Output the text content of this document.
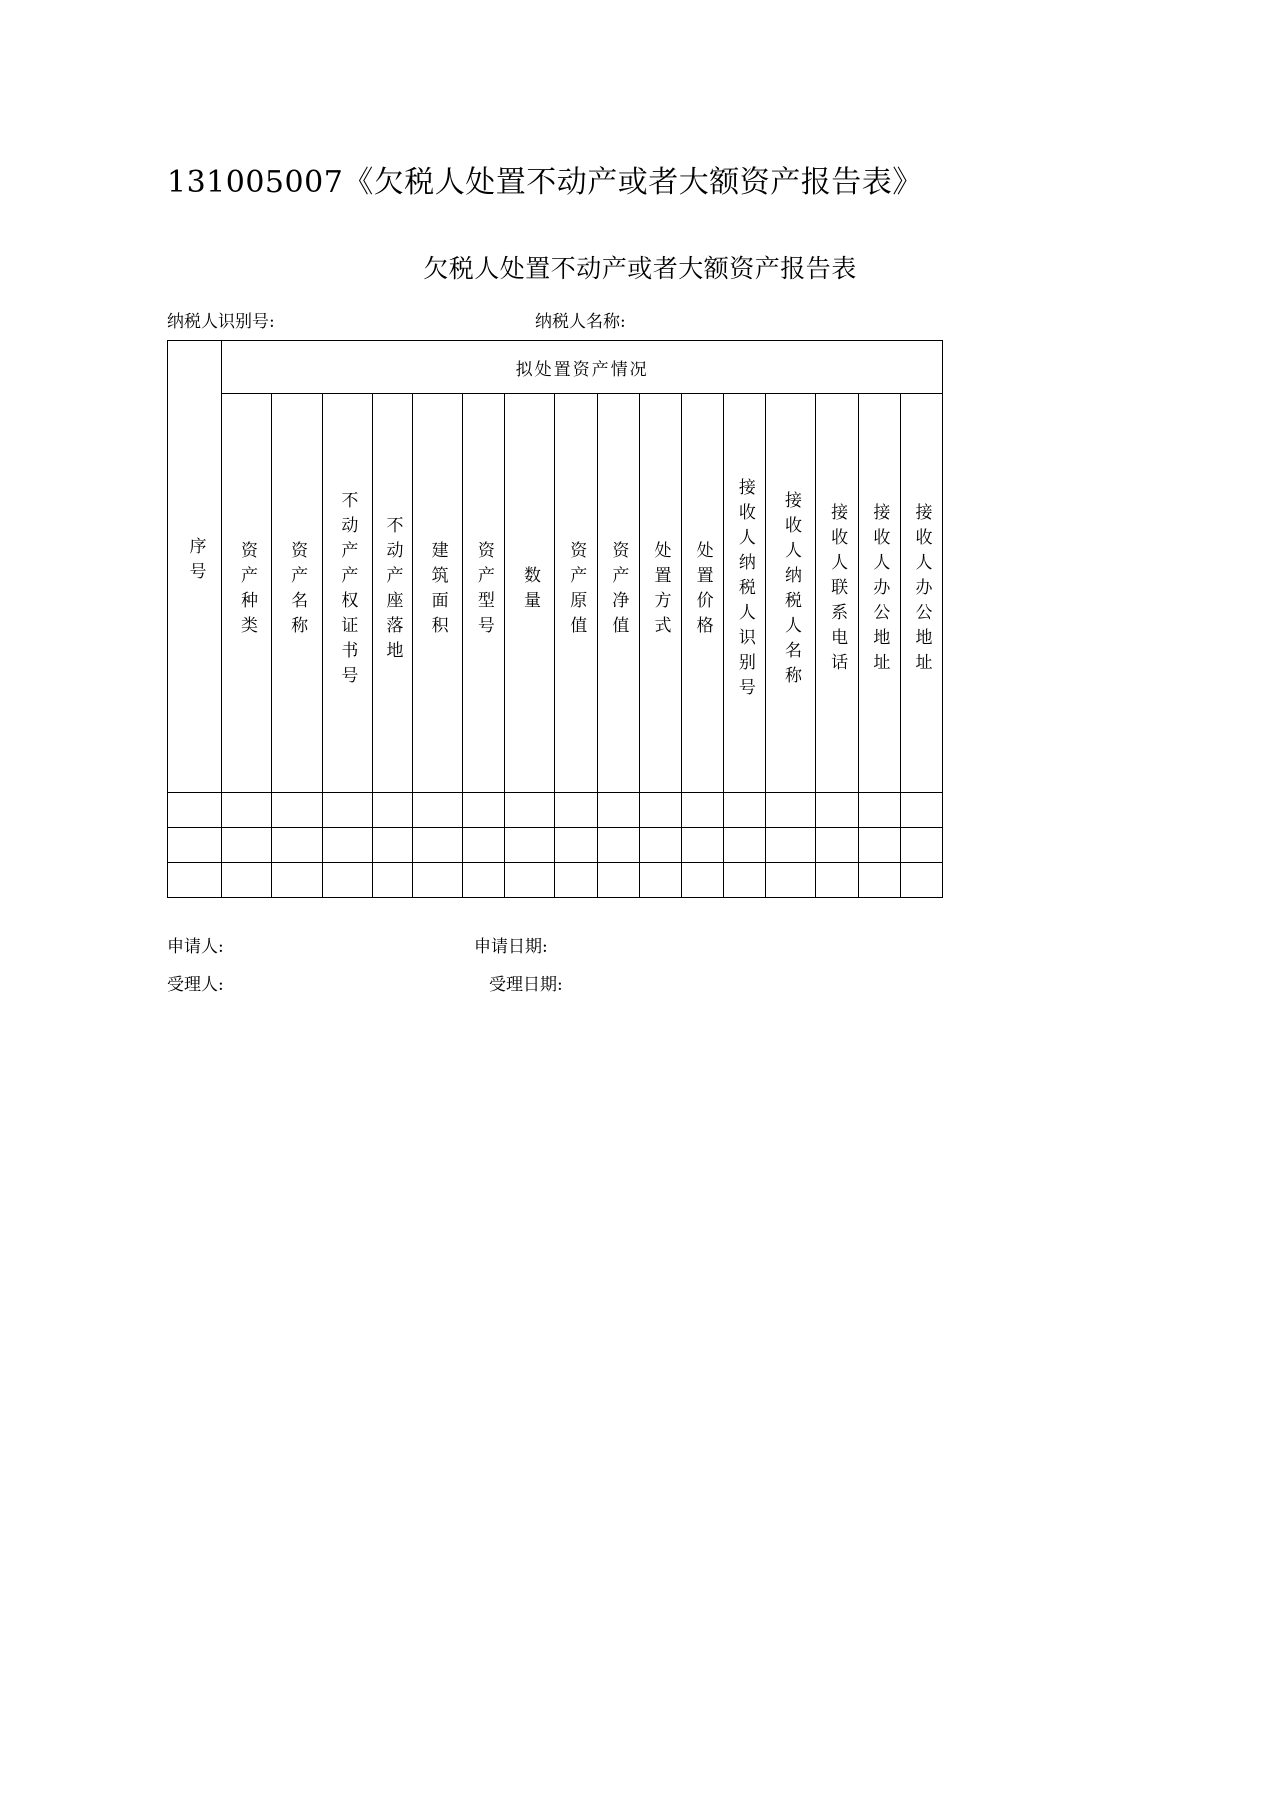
131005007《欠税人处置不动产或者大额资产报告表》
欠税人处置不动产或者大额资产报告表
纳税人识别号:	纳税人名称:
序号	拟处置资产情况															
	资产种类	资产名称	不动产产权证书号	不动产座落地	建筑面积	资产型号	数量	资产原值	资产净值	处置方式	处置价格	接收人纳税人识别号	接收人纳税人名称	接收人联系电话	接收人办公地址	接收人办公地址

申请人:	申请日期:
受理人:	受理日期:
